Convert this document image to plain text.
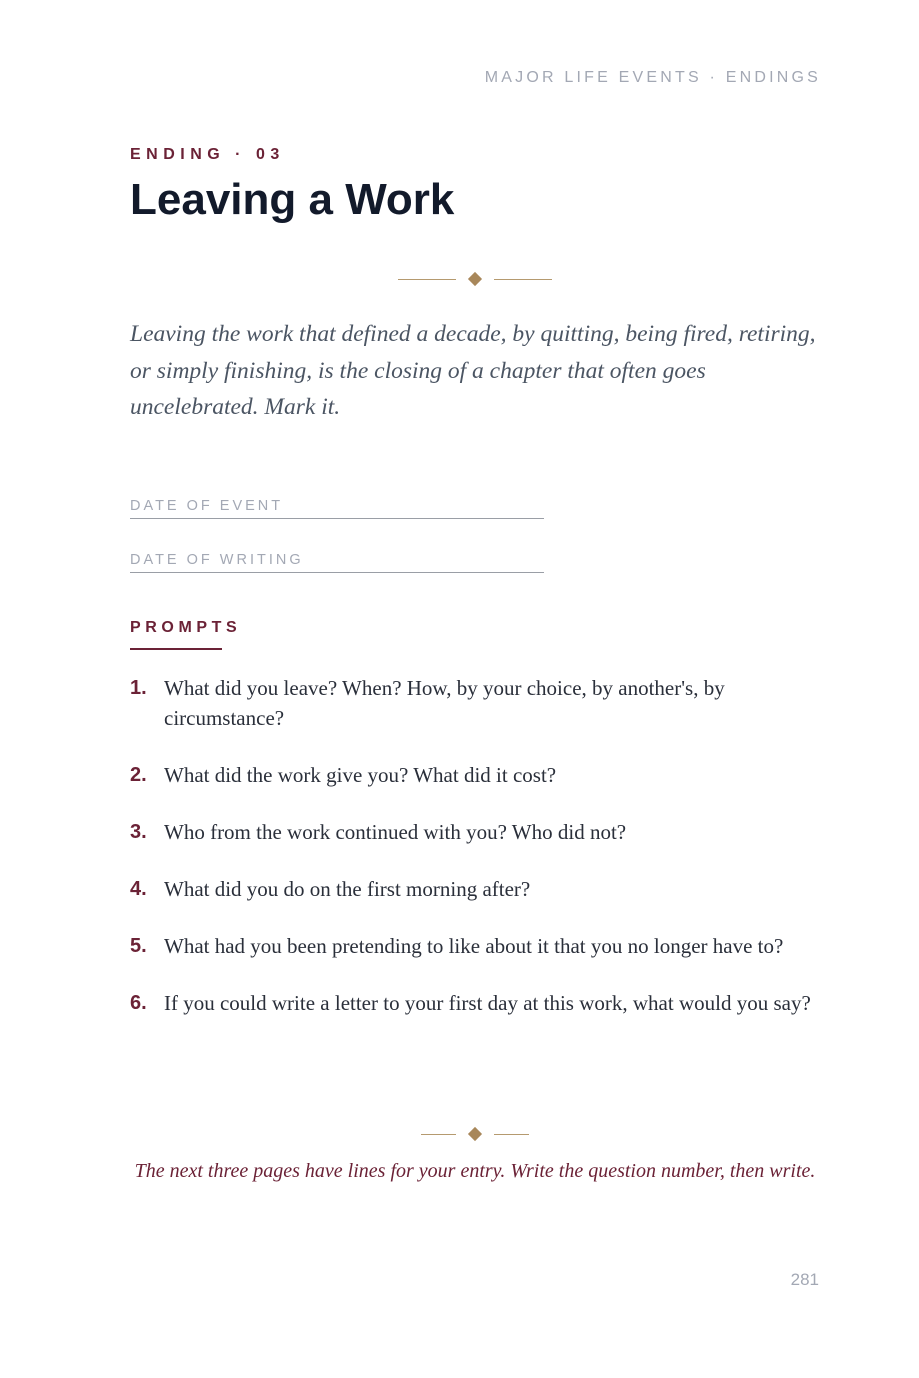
MAJOR LIFE EVENTS · ENDINGS
ENDING · 03
Leaving a Work

Leaving the work that defined a decade, by quitting, being fired, retiring, or simply finishing, is the closing of a chapter that often goes uncelebrated. Mark it.

DATE OF EVENT
DATE OF WRITING
PROMPTS
1. What did you leave? When? How, by your choice, by another's, by circumstance?
2. What did the work give you? What did it cost?
3. Who from the work continued with you? Who did not?
4. What did you do on the first morning after?
5. What had you been pretending to like about it that you no longer have to?
6. If you could write a letter to your first day at this work, what would you say?

The next three pages have lines for your entry. Write the question number, then write.

281
